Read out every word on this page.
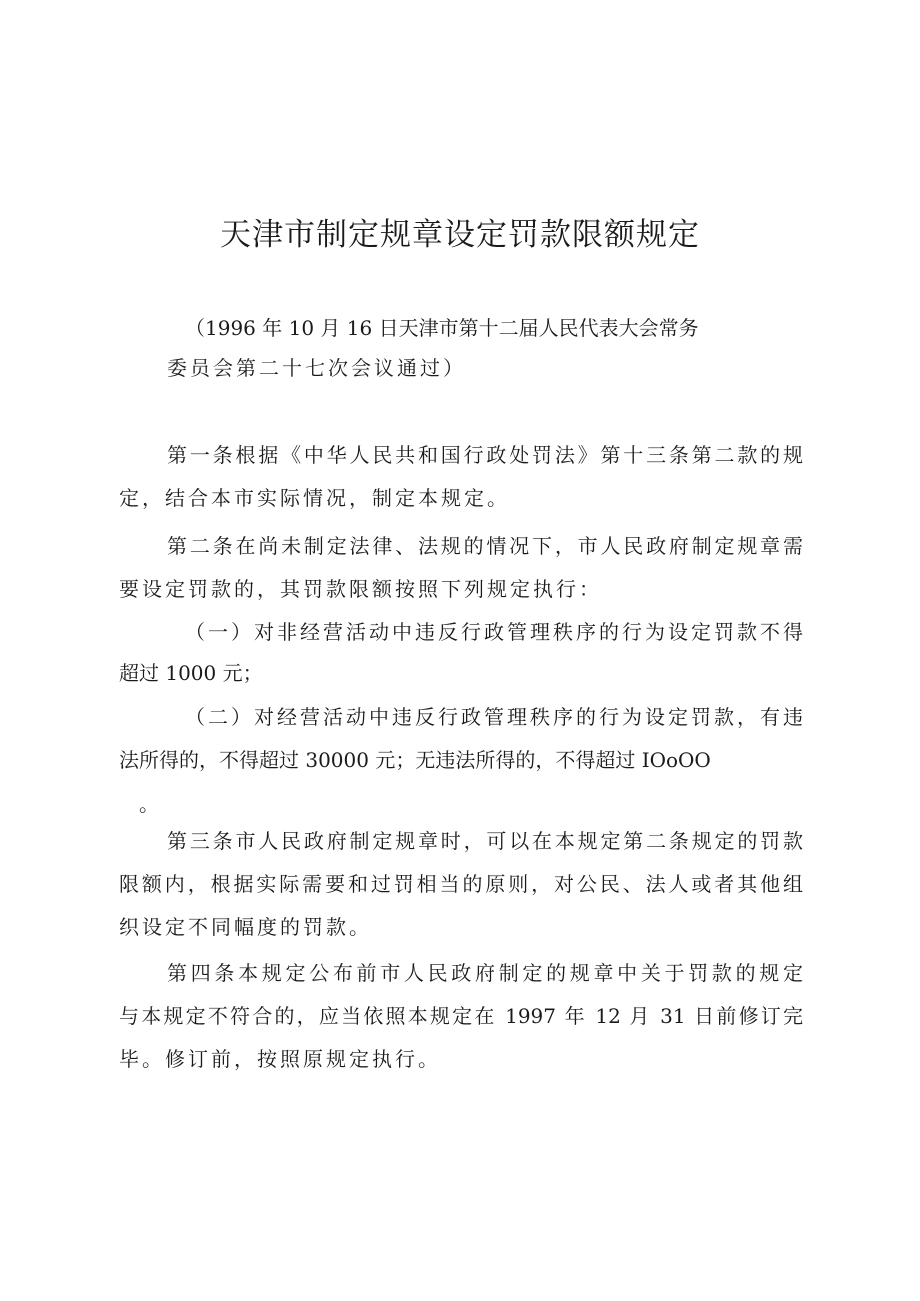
天津市制定规章设定罚款限额规定
（1996 年 10 月 16 日天津市第十二届人民代表大会常务
委员会第二十七次会议通过）
第一条根据《中华人民共和国行政处罚法》第十三条第二款的规
定，结合本市实际情况，制定本规定。
第二条在尚未制定法律、法规的情况下，市人民政府制定规章需
要设定罚款的，其罚款限额按照下列规定执行：
（一）对非经营活动中违反行政管理秩序的行为设定罚款不得
超过 1000 元；
（二）对经营活动中违反行政管理秩序的行为设定罚款，有违
法所得的，不得超过 30000 元；无违法所得的，不得超过 IOoOO
。
第三条市人民政府制定规章时，可以在本规定第二条规定的罚款
限额内，根据实际需要和过罚相当的原则，对公民、法人或者其他组
织设定不同幅度的罚款。
第四条本规定公布前市人民政府制定的规章中关于罚款的规定
与本规定不符合的，应当依照本规定在 1997 年 12 月 31 日前修订完
毕。修订前，按照原规定执行。
